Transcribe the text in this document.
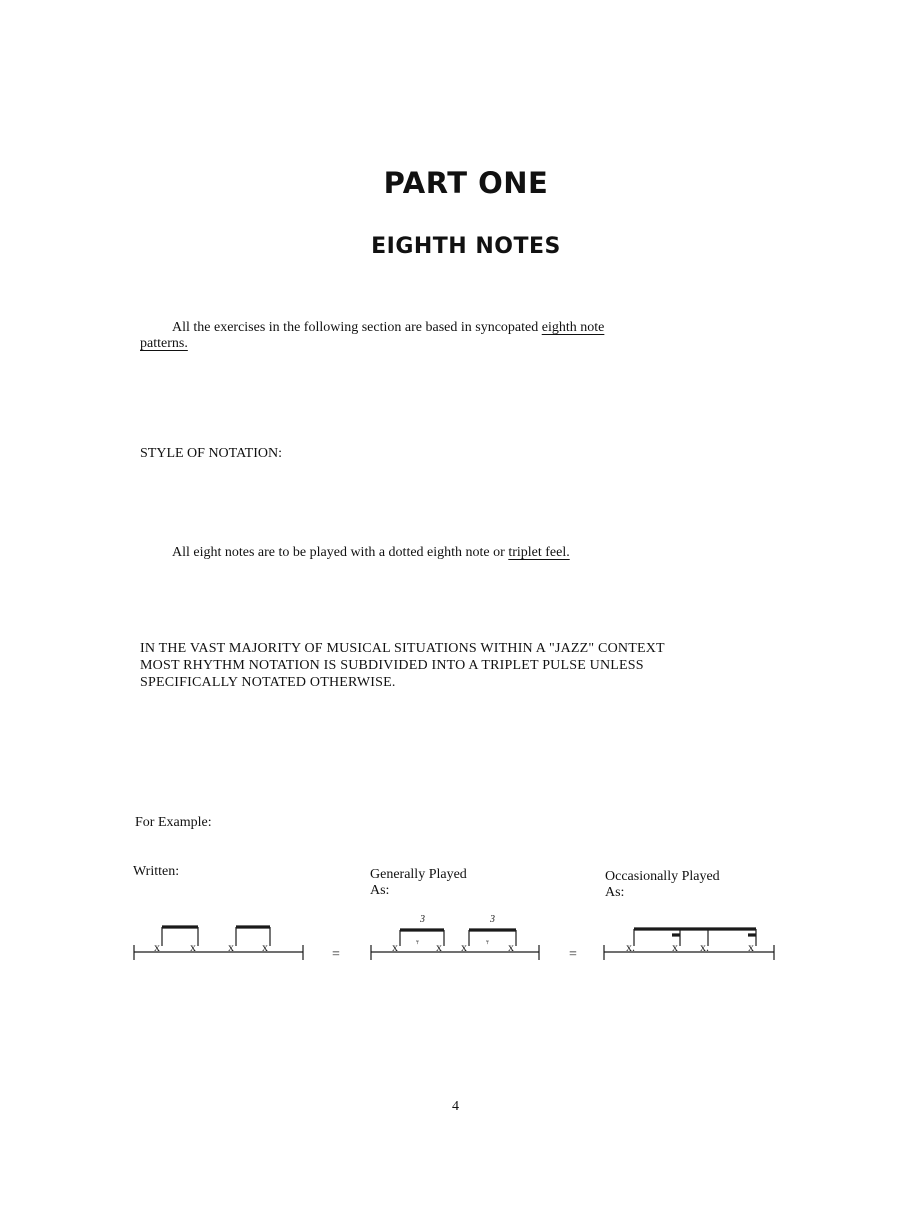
PART ONE
EIGHTH NOTES
All the exercises in the following section are based in syncopated eighth note
patterns.
STYLE OF NOTATION:
All eight notes are to be played with a dotted eighth note or triplet feel.
IN THE VAST MAJORITY OF MUSICAL SITUATIONS WITHIN A "JAZZ" CONTEXT
MOST RHYTHM NOTATION IS SUBDIVIDED INTO A TRIPLET PULSE UNLESS
SPECIFICALLY NOTATED OTHERWISE.
For Example:
Written:	Generally Played
As:
Occasionally Played
As:
x	x	x x	=
3
x	x
𝄾
3
x	x
𝄾
=	x.	x x.	x
4
